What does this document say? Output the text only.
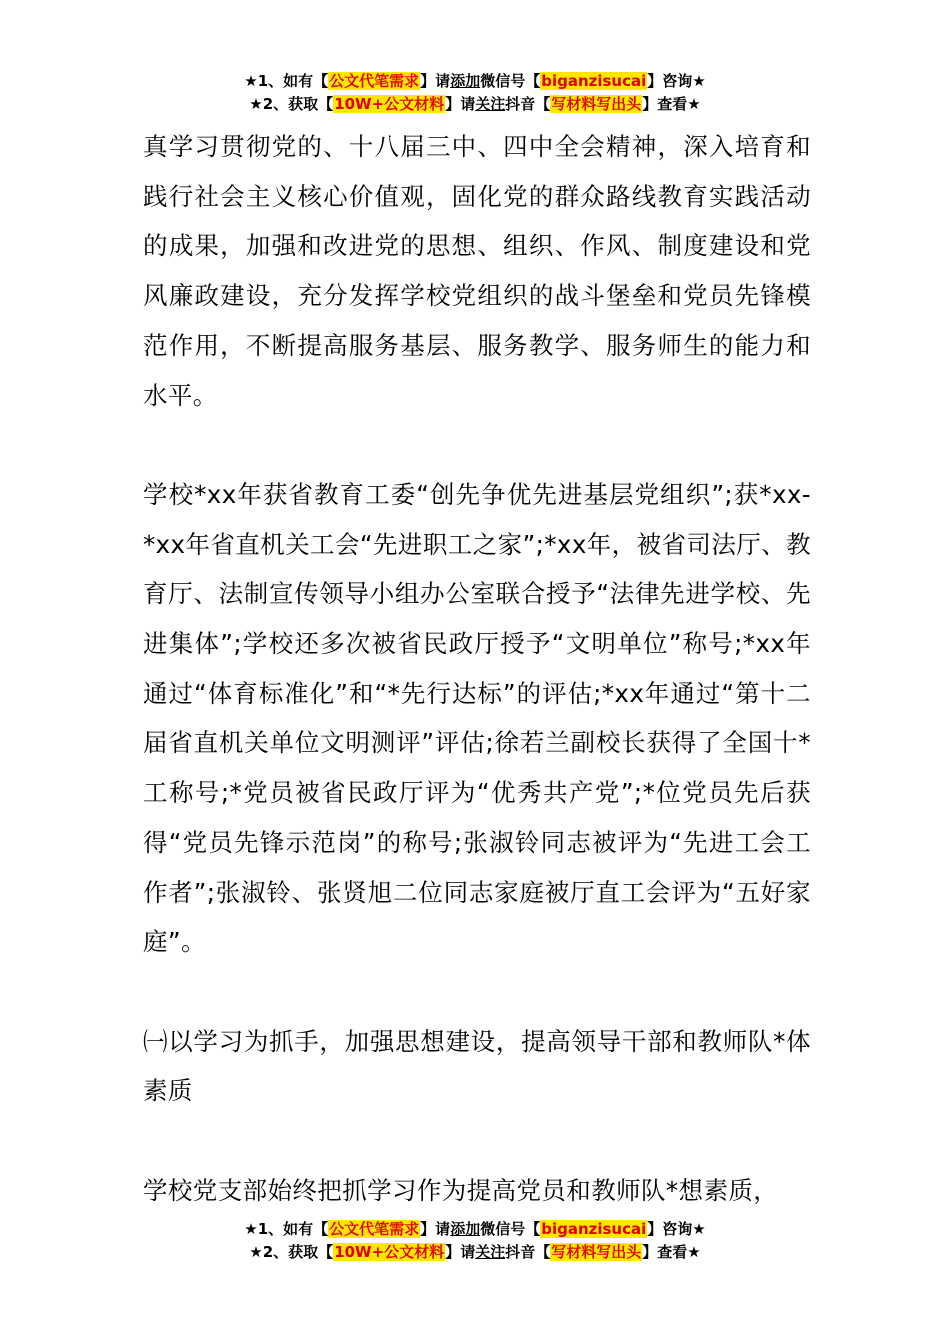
★1、如有【公文代笔需求】请添加微信号【biganzisucai】咨询★
★2、获取【10W+公文材料】请关注抖音【写材料写出头】查看★

真学习贯彻党的、十八届三中、四中全会精神，深入培育和践行社会主义核心价值观，固化党的群众路线教育实践活动的成果，加强和改进党的思想、组织、作风、制度建设和党风廉政建设，充分发挥学校党组织的战斗堡垒和党员先锋模范作用，不断提高服务基层、服务教学、服务师生的能力和水平。

学校*xx年获省教育工委“创先争优先进基层党组织”;获*xx-*xx年省直机关工会“先进职工之家”;*xx年，被省司法厅、教育厅、法制宣传领导小组办公室联合授予“法律先进学校、先进集体”;学校还多次被省民政厅授予“文明单位”称号;*xx年通过“体育标准化”和“*先行达标”的评估;*xx年通过“第十二届省直机关单位文明测评”评估;徐若兰副校长获得了全国十*工称号;*党员被省民政厅评为“优秀共产党”;*位党员先后获得“党员先锋示范岗”的称号;张淑铃同志被评为“先进工会工作者”;张淑铃、张贤旭二位同志家庭被厅直工会评为“五好家庭”。

㈠以学习为抓手，加强思想建设，提高领导干部和教师队*体素质

学校党支部始终把抓学习作为提高党员和教师队*想素质，

★1、如有【公文代笔需求】请添加微信号【biganzisucai】咨询★
★2、获取【10W+公文材料】请关注抖音【写材料写出头】查看★
